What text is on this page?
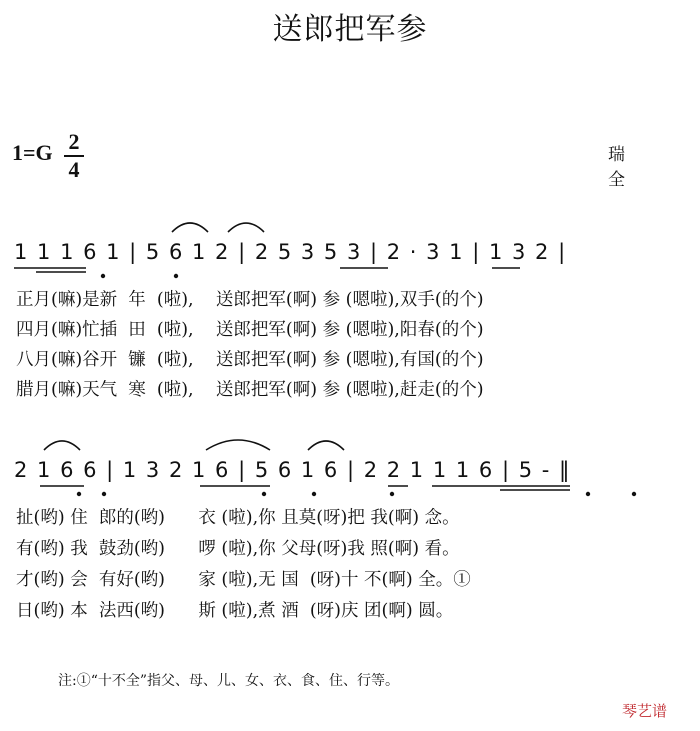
送郎把军参
1=G 2
4
瑞 全
1 1 1 6 1 | 5 6 1 2 | 2 5 3 5 3 | 2 · 3 1 | 1 3 2 |
正月(嘛)是新  年  (啦),    送郎把军(啊) 参 (嗯啦),双手(的个)
四月(嘛)忙插  田  (啦),    送郎把军(啊) 参 (嗯啦),阳春(的个)
八月(嘛)谷开  镰  (啦),    送郎把军(啊) 参 (嗯啦),有国(的个)
腊月(嘛)天气  寒  (啦),    送郎把军(啊) 参 (嗯啦),赶走(的个)
2 1 6 6 | 1 3 2 1 6 | 5 6 1 6 | 2 2 1 1 1 6 | 5 - ‖
扯(哟) 住  郎的(哟)      衣 (啦),你 且莫(呀)把 我(啊) 念。
有(哟) 我  鼓劲(哟)      啰 (啦),你 父母(呀)我 照(啊) 看。
才(哟) 会  有好(哟)      家 (啦),无 国  (呀)十 不(啊) 全。①
日(哟) 本  法西(哟)      斯 (啦),煮 酒  (呀)庆 团(啊) 圆。
注:①“十不全”指父、母、儿、女、衣、食、住、行等。
琴艺谱
